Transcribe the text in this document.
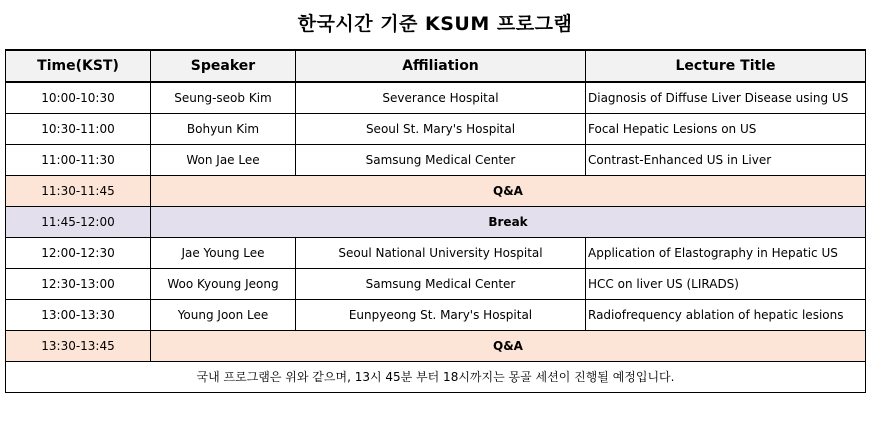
한국시간 기준 KSUM 프로그램
Time(KST)	Speaker	Affiliation	Lecture Title
10:00-10:30	Seung-seob Kim	Severance Hospital	Diagnosis of Diffuse Liver Disease using US
10:30-11:00	Bohyun Kim	Seoul St. Mary's Hospital	Focal Hepatic Lesions on US
11:00-11:30	Won Jae Lee	Samsung Medical Center	Contrast-Enhanced US in Liver
11:30-11:45	Q&A		
11:45-12:00	Break		
12:00-12:30	Jae Young Lee	Seoul National University Hospital	Application of Elastography in Hepatic US
12:30-13:00	Woo Kyoung Jeong	Samsung Medical Center	HCC on liver US (LIRADS)
13:00-13:30	Young Joon Lee	Eunpyeong St. Mary's Hospital	Radiofrequency ablation of hepatic lesions
13:30-13:45	Q&A		
국내 프로그램은 위와 같으며, 13시 45분 부터 18시까지는 몽골 세션이 진행될 예정입니다.			
